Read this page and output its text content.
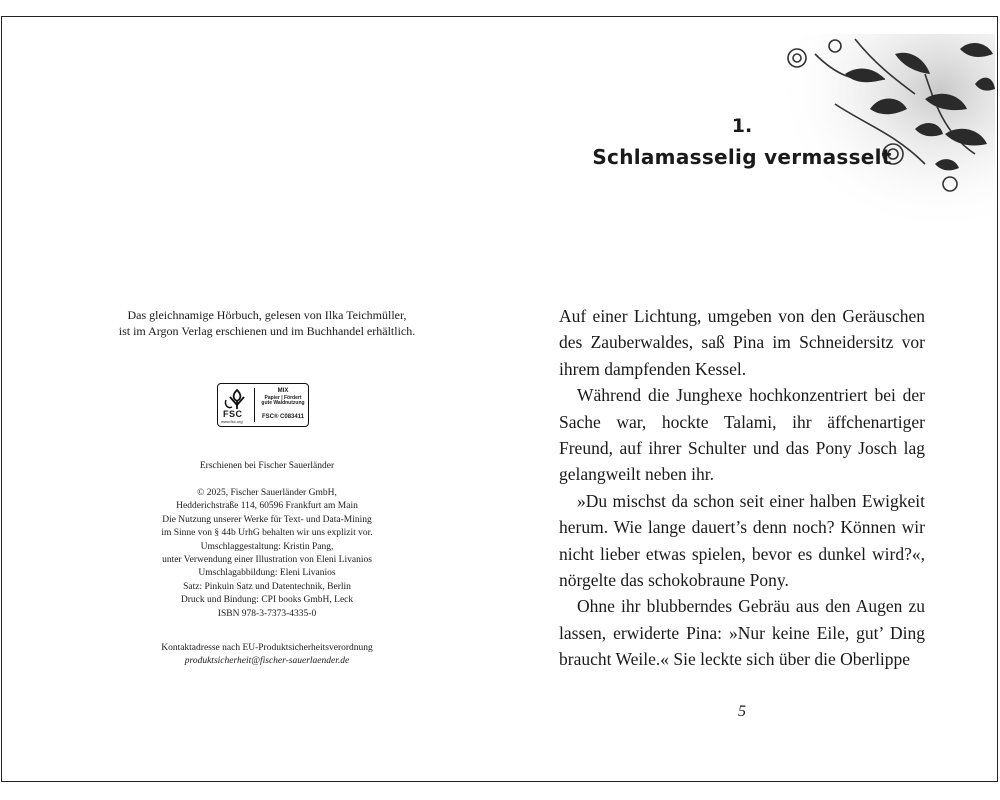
Das gleichnamige Hörbuch, gelesen von Ilka Teichmüller,
ist im Argon Verlag erschienen und im Buchhandel erhältlich.
FSC
www.fsc.org
MIX
Papier | Fördert
gute Waldnutzung
FSC® C083411
Erschienen bei Fischer Sauerländer
© 2025, Fischer Sauerländer GmbH,
Hedderichstraße 114, 60596 Frankfurt am Main
Die Nutzung unserer Werke für Text- und Data-Mining
im Sinne von § 44b UrhG behalten wir uns explizit vor.
Umschlaggestaltung: Kristin Pang,
unter Verwendung einer Illustration von Eleni Livanios
Umschlagabbildung: Eleni Livanios
Satz: Pinkuin Satz und Datentechnik, Berlin
Druck und Bindung: CPI books GmbH, Leck
ISBN 978-3-7373-4335-0
Kontaktadresse nach EU-Produktsicherheitsverordnung
produktsicherheit@fischer-sauerlaender.de
1.
Schlamasselig vermasselt

Auf einer Lichtung, umgeben von den Geräuschen des Zauberwaldes, saß Pina im Schneidersitz vor ihrem dampfenden Kessel.

Während die Junghexe hochkonzentriert bei der Sache war, hockte Talami, ihr äffchenartiger Freund, auf ihrer Schulter und das Pony Josch lag gelangweilt neben ihr.

»Du mischst da schon seit einer halben Ewigkeit herum. Wie lange dauert’s denn noch? Können wir nicht lieber etwas spielen, bevor es dunkel wird?«, nörgelte das schokobraune Pony.

Ohne ihr blubberndes Gebräu aus den Augen zu lassen, erwiderte Pina: »Nur keine Eile, gut’ Ding braucht Weile.« Sie leckte sich über die Oberlippe

5
